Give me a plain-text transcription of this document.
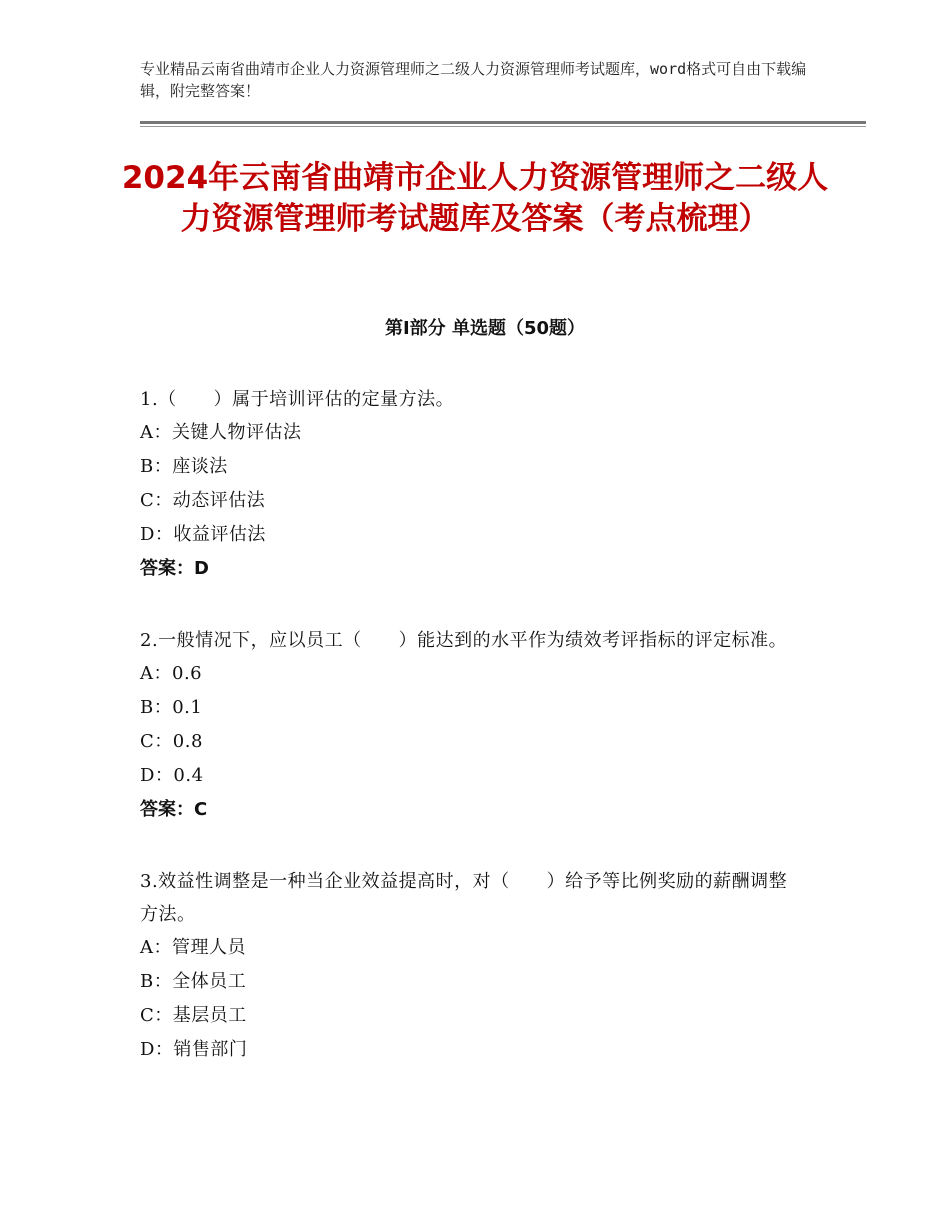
专业精品云南省曲靖市企业人力资源管理师之二级人力资源管理师考试题库，word格式可自由下载编辑，附完整答案！
2024年云南省曲靖市企业人力资源管理师之二级人力资源管理师考试题库及答案（考点梳理）
第Ⅰ部分 单选题（50题）

1.（　　）属于培训评估的定量方法。

A：关键人物评估法

B：座谈法

C：动态评估法

D：收益评估法

答案：D

2.一般情况下，应以员工（　　）能达到的水平作为绩效考评指标的评定标准。

A：0.6

B：0.1

C：0.8

D：0.4

答案：C

3.效益性调整是一种当企业效益提高时，对（　　）给予等比例奖励的薪酬调整方法。

A：管理人员

B：全体员工

C：基层员工

D：销售部门
